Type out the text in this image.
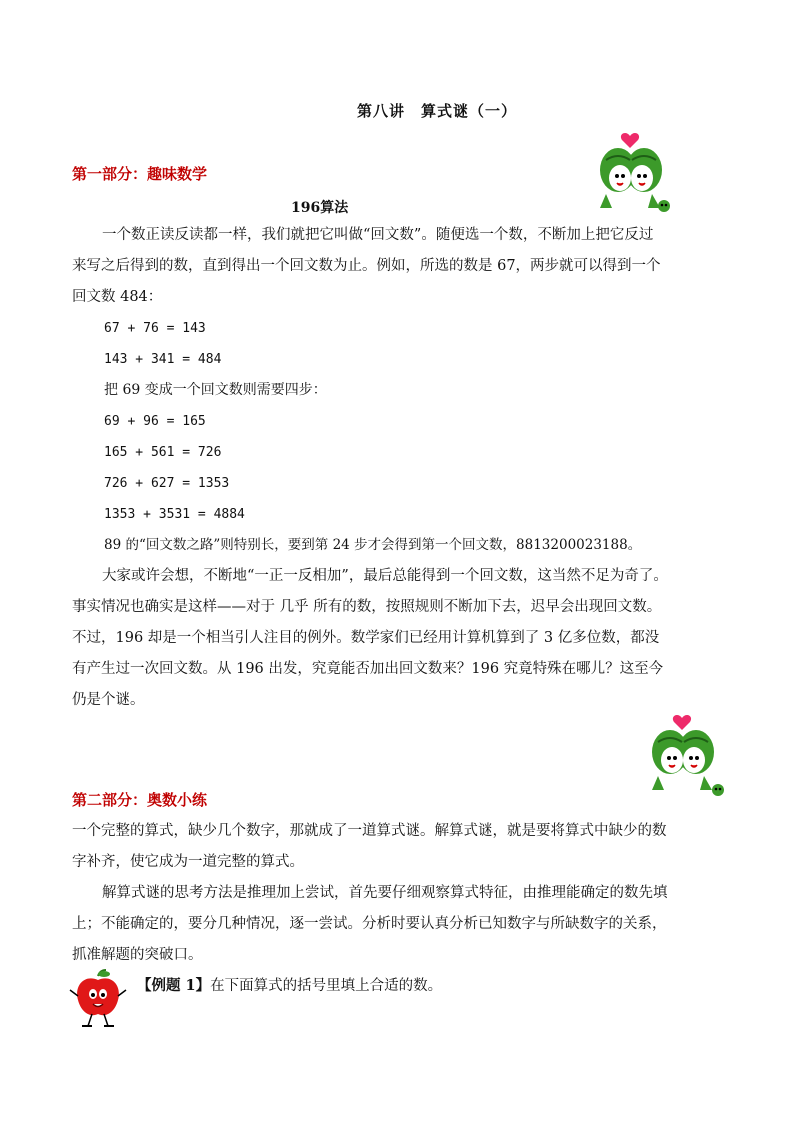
第八讲　算式谜（一）
第一部分：趣味数学
196算法
一个数正读反读都一样，我们就把它叫做“回文数”。随便选一个数，不断加上把它反过
来写之后得到的数，直到得出一个回文数为止。例如，所选的数是 67，两步就可以得到一个
回文数 484：
67 + 76 = 143
143 + 341 = 484
把 69 变成一个回文数则需要四步：
69 + 96 = 165
165 + 561 = 726
726 + 627 = 1353
1353 + 3531 = 4884
89 的“回文数之路”则特别长，要到第 24 步才会得到第一个回文数，8813200023188。
大家或许会想，不断地“一正一反相加”，最后总能得到一个回文数，这当然不足为奇了。
事实情况也确实是这样——对于 几乎 所有的数，按照规则不断加下去，迟早会出现回文数。
不过，196 却是一个相当引人注目的例外。数学家们已经用计算机算到了 3 亿多位数，都没
有产生过一次回文数。从 196 出发，究竟能否加出回文数来？196 究竟特殊在哪儿？这至今
仍是个谜。
第二部分：奥数小练
一个完整的算式，缺少几个数字，那就成了一道算式谜。解算式谜，就是要将算式中缺少的数
字补齐，使它成为一道完整的算式。
解算式谜的思考方法是推理加上尝试，首先要仔细观察算式特征，由推理能确定的数先填
上；不能确定的，要分几种情况，逐一尝试。分析时要认真分析已知数字与所缺数字的关系，
抓准解题的突破口。
【例题 1】在下面算式的括号里填上合适的数。
